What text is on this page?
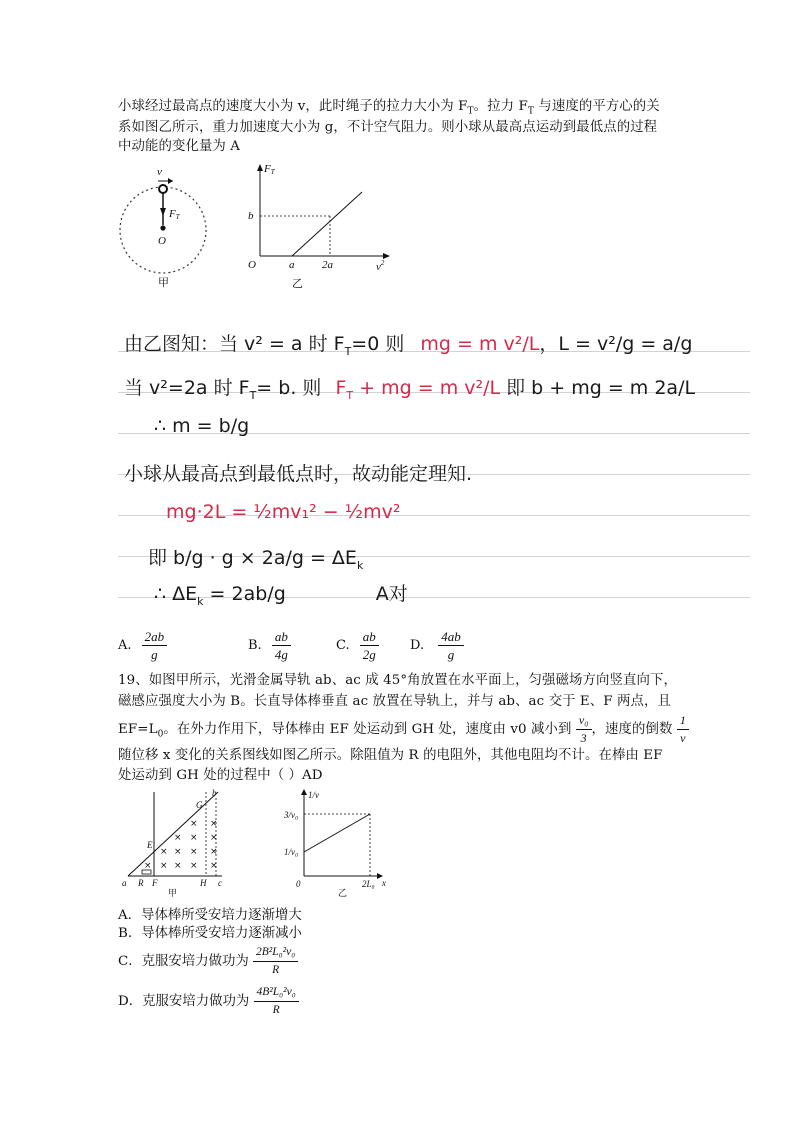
小球经过最高点的速度大小为 v，此时绳子的拉力大小为 $F_T$。拉力 $F_T$ 与速度的平方心的关
系如图乙所示，重力加速度大小为 g，不计空气阻力。则小球从最高点运动到最低点的过程
中动能的变化量为 A
v
FT
O
甲
FT
b
O	a	2a	$v^2$
乙
由乙图知：当 v² = a 时 $F_T=0$ 则 mg = m v²/L，L = v²/g = a/g
当 v²=2a 时 $F_T= b$. 则 $F_T$ + mg = m v²/L 即 b + mg = m 2a/L
∴ m = b/g
小球从最高点到最低点时，故动能定理知.
mg·2L = ½mv₁² − ½mv²
即 $b/g \cdot g \times 2a/g = \Delta E_k$
∴ $\Delta E_k = 2ab/g$	A对
A. $\frac{2ab}{g}$	B. $\frac{ab}{4g}$	C. $\frac{ab}{2g} D$. $\frac{4ab}{g}$
19、如图甲所示，光滑金属导轨 ab、ac 成 45°角放置在水平面上，匀强磁场方向竖直向下，
磁感应强度大小为 B。长直导体棒垂直 ac 放置在导轨上，并与 ab、ac 交于 E、F 两点，且
$EF=L_0$。在外力作用下，导体棒由 EF 处运动到 GH 处，速度由 v0 减小到 $\frac{\text{v₀}}{3}$ ，速度的倒数 $\frac{1}{v}$
随位移 x 变化的关系图线如图乙所示。除阻值为 R 的电阻外，其他电阻均不计。在棒由 EF
处运动到 GH 处的过程中（ ）AD
× ×
× × ×
× × × ×
× × × × ×
a R F
E
G
H
b
c
甲
1/v
3/v₀
1/v₀
0	2L₀ x
乙
A．导体棒所受安培力逐渐增大
B．导体棒所受安培力逐渐减小
C．克服安培力做功为 $\frac{\text{2B²L₀²v₀}}{R}$
D．克服安培力做功为 $\frac{\text{4B²L₀²v₀}}{R}$
